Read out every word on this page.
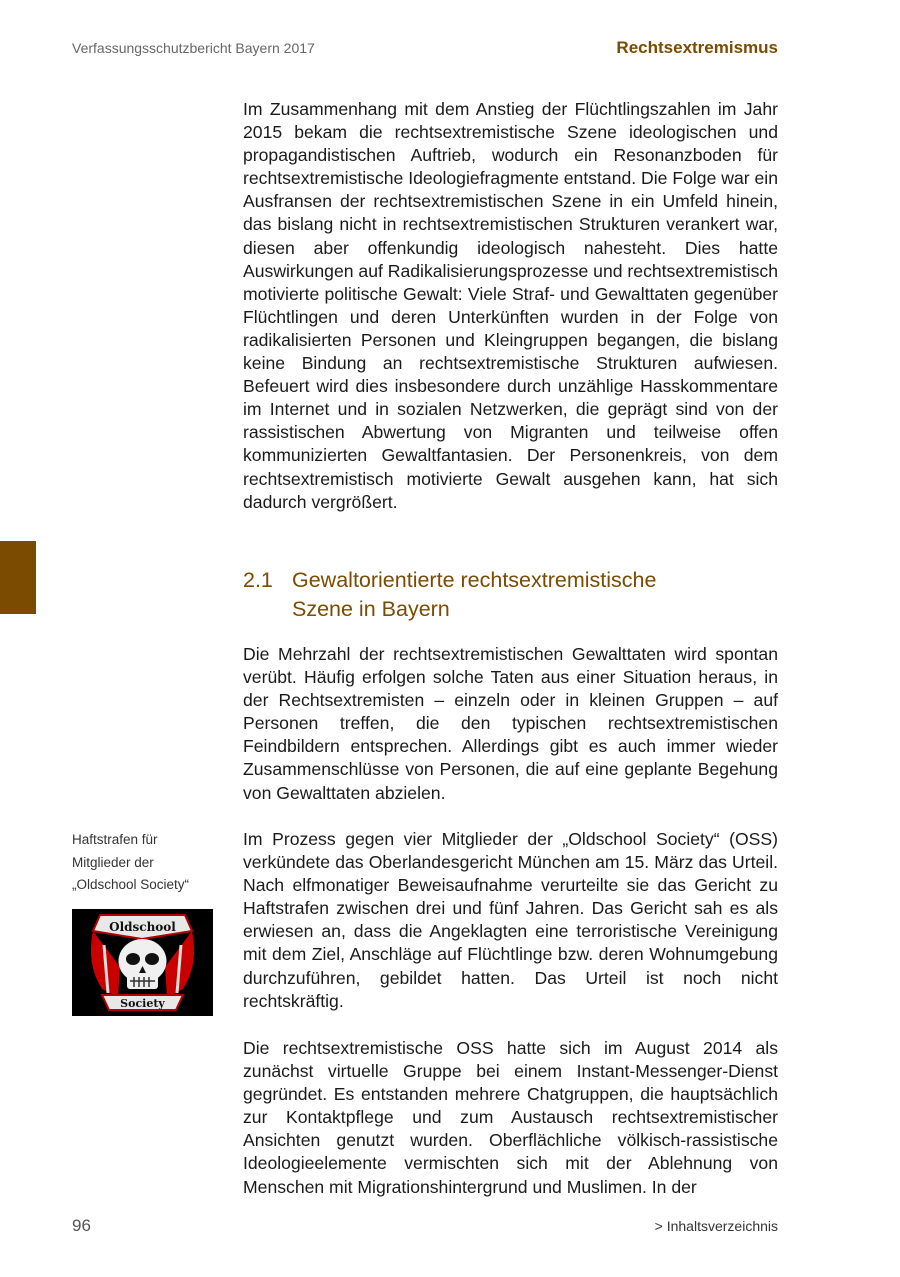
Verfassungsschutzbericht Bayern 2017	Rechtsextremismus

Im Zusammenhang mit dem Anstieg der Flüchtlingszahlen im Jahr 2015 bekam die rechtsextremistische Szene ideologischen und propagandistischen Auftrieb, wodurch ein Resonanzboden für rechtsextremistische Ideologiefragmente entstand. Die Folge war ein Ausfransen der rechtsextremistischen Szene in ein Umfeld hinein, das bislang nicht in rechtsextremistischen Strukturen verankert war, diesen aber offenkundig ideologisch nahesteht. Dies hatte Auswirkungen auf Radikalisierungsprozesse und rechtsextremistisch motivierte politische Gewalt: Viele Straf- und Gewalttaten gegenüber Flüchtlingen und deren Unterkünften wurden in der Folge von radikalisierten Personen und Kleingruppen begangen, die bislang keine Bindung an rechtsextremistische Strukturen aufwiesen. Befeuert wird dies insbesondere durch unzählige Hasskommentare im Internet und in sozialen Netzwerken, die geprägt sind von der rassistischen Abwertung von Migranten und teilweise offen kommunizierten Gewaltfantasien. Der Personenkreis, von dem rechtsextremistisch motivierte Gewalt ausgehen kann, hat sich dadurch vergrößert.

2.1 Gewaltorientierte rechtsextremistische
Szene in Bayern

Die Mehrzahl der rechtsextremistischen Gewalttaten wird spontan verübt. Häufig erfolgen solche Taten aus einer Situation heraus, in der Rechtsextremisten – einzeln oder in kleinen Gruppen – auf Personen treffen, die den typischen rechtsextremistischen Feindbildern entsprechen. Allerdings gibt es auch immer wieder Zusammenschlüsse von Personen, die auf eine geplante Begehung von Gewalttaten abzielen.

Haftstrafen für
Mitglieder der
„Oldschool Society“
Oldschool
Society

Im Prozess gegen vier Mitglieder der „Oldschool Society“ (OSS) verkündete das Oberlandesgericht München am 15. März das Urteil. Nach elfmonatiger Beweisaufnahme verurteilte sie das Gericht zu Haftstrafen zwischen drei und fünf Jahren. Das Gericht sah es als erwiesen an, dass die Angeklagten eine terroristische Vereinigung mit dem Ziel, Anschläge auf Flüchtlinge bzw. deren Wohnumgebung durchzuführen, gebildet hatten. Das Urteil ist noch nicht rechtskräftig.

Die rechtsextremistische OSS hatte sich im August 2014 als zunächst virtuelle Gruppe bei einem Instant-Messenger-Dienst gegründet. Es entstanden mehrere Chatgruppen, die hauptsächlich zur Kontaktpflege und zum Austausch rechtsextremistischer Ansichten genutzt wurden. Oberflächliche völkisch-rassistische Ideologieelemente vermischten sich mit der Ablehnung von Menschen mit Migrationshintergrund und Muslimen. In der

96	> Inhaltsverzeichnis
